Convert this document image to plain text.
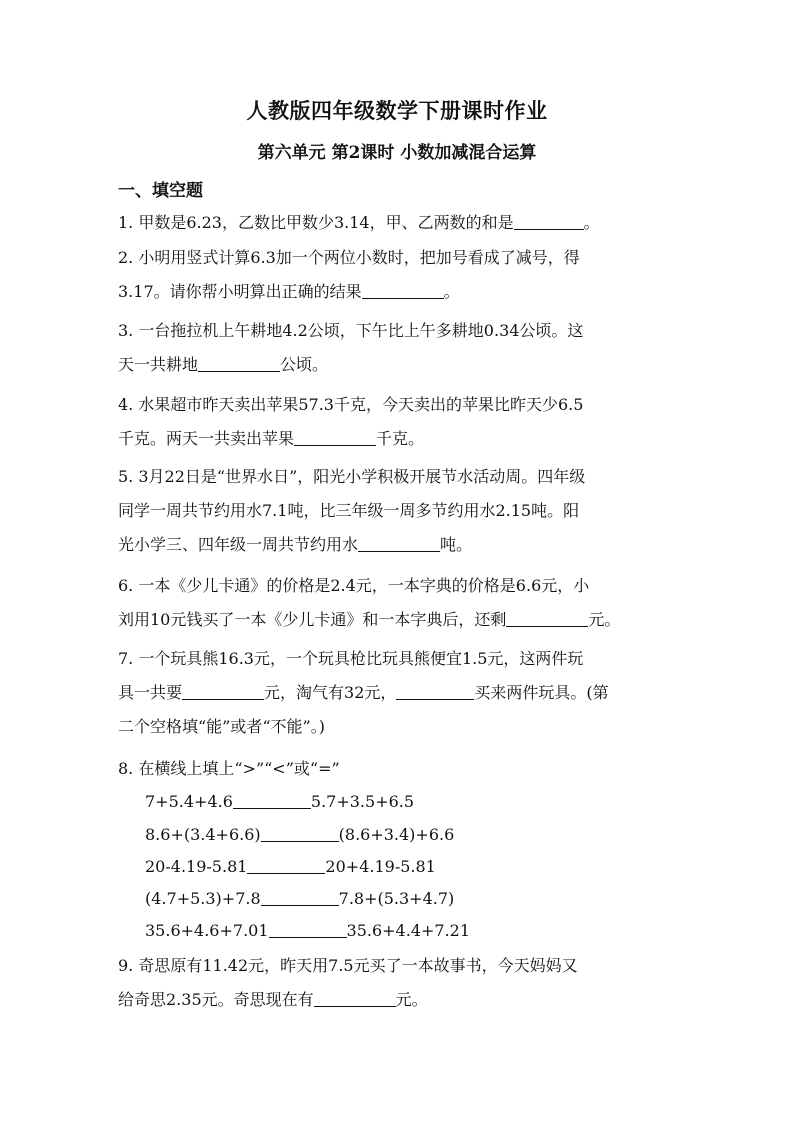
人教版四年级数学下册课时作业
第六单元 第2课时 小数加减混合运算
一、填空题
1. 甲数是6.23，乙数比甲数少3.14，甲、乙两数的和是	。
2. 小明用竖式计算6.3加一个两位小数时，把加号看成了减号，得
3.17。请你帮小明算出正确的结果	。
3. 一台拖拉机上午耕地4.2公顷，下午比上午多耕地0.34公顷。这
天一共耕地	公顷。
4. 水果超市昨天卖出苹果57.3千克，今天卖出的苹果比昨天少6.5
千克。两天一共卖出苹果	千克。
5. 3月22日是“世界水日”，阳光小学积极开展节水活动周。四年级
同学一周共节约用水7.1吨，比三年级一周多节约用水2.15吨。阳
光小学三、四年级一周共节约用水	吨。
6. 一本《少儿卡通》的价格是2.4元，一本字典的价格是6.6元，小
刘用10元钱买了一本《少儿卡通》和一本字典后，还剩	元。
7. 一个玩具熊16.3元，一个玩具枪比玩具熊便宜1.5元，这两件玩
具一共要	元，淘气有32元，	买来两件玩具。(第
二个空格填“能”或者“不能”。)
8. 在横线上填上“>”“<”或“=”
7+5.4+4.6	5.7+3.5+6.5
8.6+(3.4+6.6)	(8.6+3.4)+6.6
20-4.19-5.81	20+4.19-5.81
(4.7+5.3)+7.8	7.8+(5.3+4.7)
35.6+4.6+7.01	35.6+4.4+7.21
9. 奇思原有11.42元，昨天用7.5元买了一本故事书，今天妈妈又
给奇思2.35元。奇思现在有	元。
